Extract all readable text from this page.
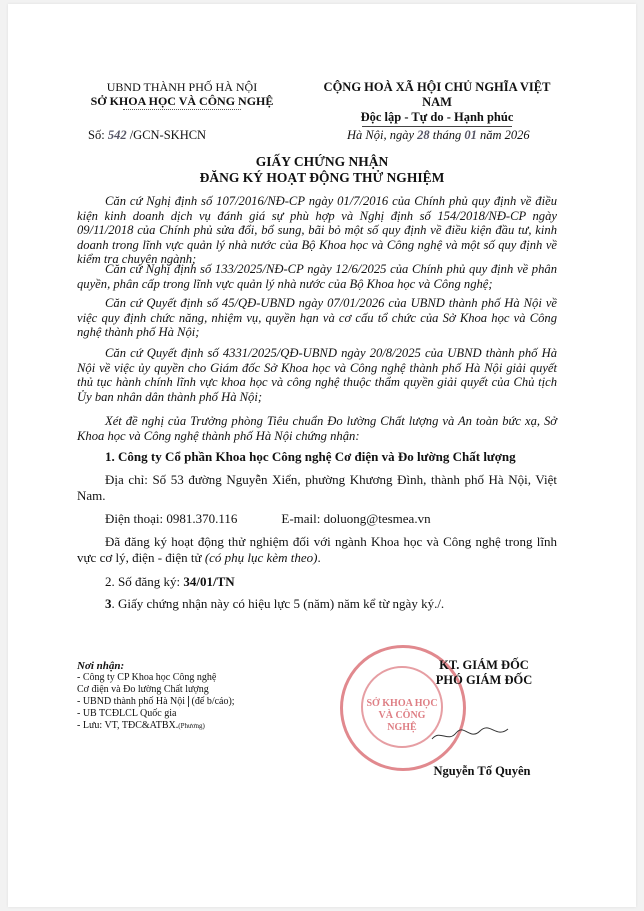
UBND THÀNH PHỐ HÀ NỘI
SỞ KHOA HỌC VÀ CÔNG NGHỆ
CỘNG HOÀ XÃ HỘI CHỦ NGHĨA VIỆT NAM
Độc lập - Tự do - Hạnh phúc
Số: 542 /GCN-SKHCN	Hà Nội, ngày 28 tháng 01 năm 2026
GIẤY CHỨNG NHẬN
ĐĂNG KÝ HOẠT ĐỘNG THỬ NGHIỆM
Căn cứ Nghị định số 107/2016/NĐ-CP ngày 01/7/2016 của Chính phủ quy định về điều kiện kinh doanh dịch vụ đánh giá sự phù hợp và Nghị định số 154/2018/NĐ-CP ngày 09/11/2018 của Chính phủ sửa đổi, bổ sung, bãi bỏ một số quy định về điều kiện đầu tư, kinh doanh trong lĩnh vực quản lý nhà nước của Bộ Khoa học và Công nghệ và một số quy định về kiểm tra chuyên ngành;
Căn cứ Nghị định số 133/2025/NĐ-CP ngày 12/6/2025 của Chính phủ quy định về phân quyền, phân cấp trong lĩnh vực quản lý nhà nước của Bộ Khoa học và Công nghệ;
Căn cứ Quyết định số 45/QĐ-UBND ngày 07/01/2026 của UBND thành phố Hà Nội về việc quy định chức năng, nhiệm vụ, quyền hạn và cơ cấu tổ chức của Sở Khoa học và Công nghệ thành phố Hà Nội;
Căn cứ Quyết định số 4331/2025/QĐ-UBND ngày 20/8/2025 của UBND thành phố Hà Nội về việc ủy quyền cho Giám đốc Sở Khoa học và Công nghệ thành phố Hà Nội giải quyết thủ tục hành chính lĩnh vực khoa học và công nghệ thuộc thẩm quyền giải quyết của Chủ tịch Ủy ban nhân dân thành phố Hà Nội;
Xét đề nghị của Trưởng phòng Tiêu chuẩn Đo lường Chất lượng và An toàn bức xạ, Sở Khoa học và Công nghệ thành phố Hà Nội chứng nhận:
1. Công ty Cổ phần Khoa học Công nghệ Cơ điện và Đo lường Chất lượng
Địa chỉ: Số 53 đường Nguyễn Xiển, phường Khương Đình, thành phố Hà Nội, Việt Nam.
Điện thoại: 0981.370.116	E-mail: doluong@tesmea.vn
Đã đăng ký hoạt động thử nghiệm đối với ngành Khoa học và Công nghệ trong lĩnh vực cơ lý, điện - điện tử (có phụ lục kèm theo).
2. Số đăng ký: 34/01/TN
3. Giấy chứng nhận này có hiệu lực 5 (năm) năm kể từ ngày ký./.
Nơi nhận:
- Công ty CP Khoa học Công nghệ
Cơ điện và Đo lường Chất lượng
- UBND thành phố Hà Nội (để b/cáo);
- UB TCĐLCL Quốc gia
- Lưu: VT, TĐC&ATBX.(Phương)
SỞ KHOA HỌC VÀ CÔNG NGHỆ
KT. GIÁM ĐỐC
PHÓ GIÁM ĐỐC
Nguyễn Tố Quyên
